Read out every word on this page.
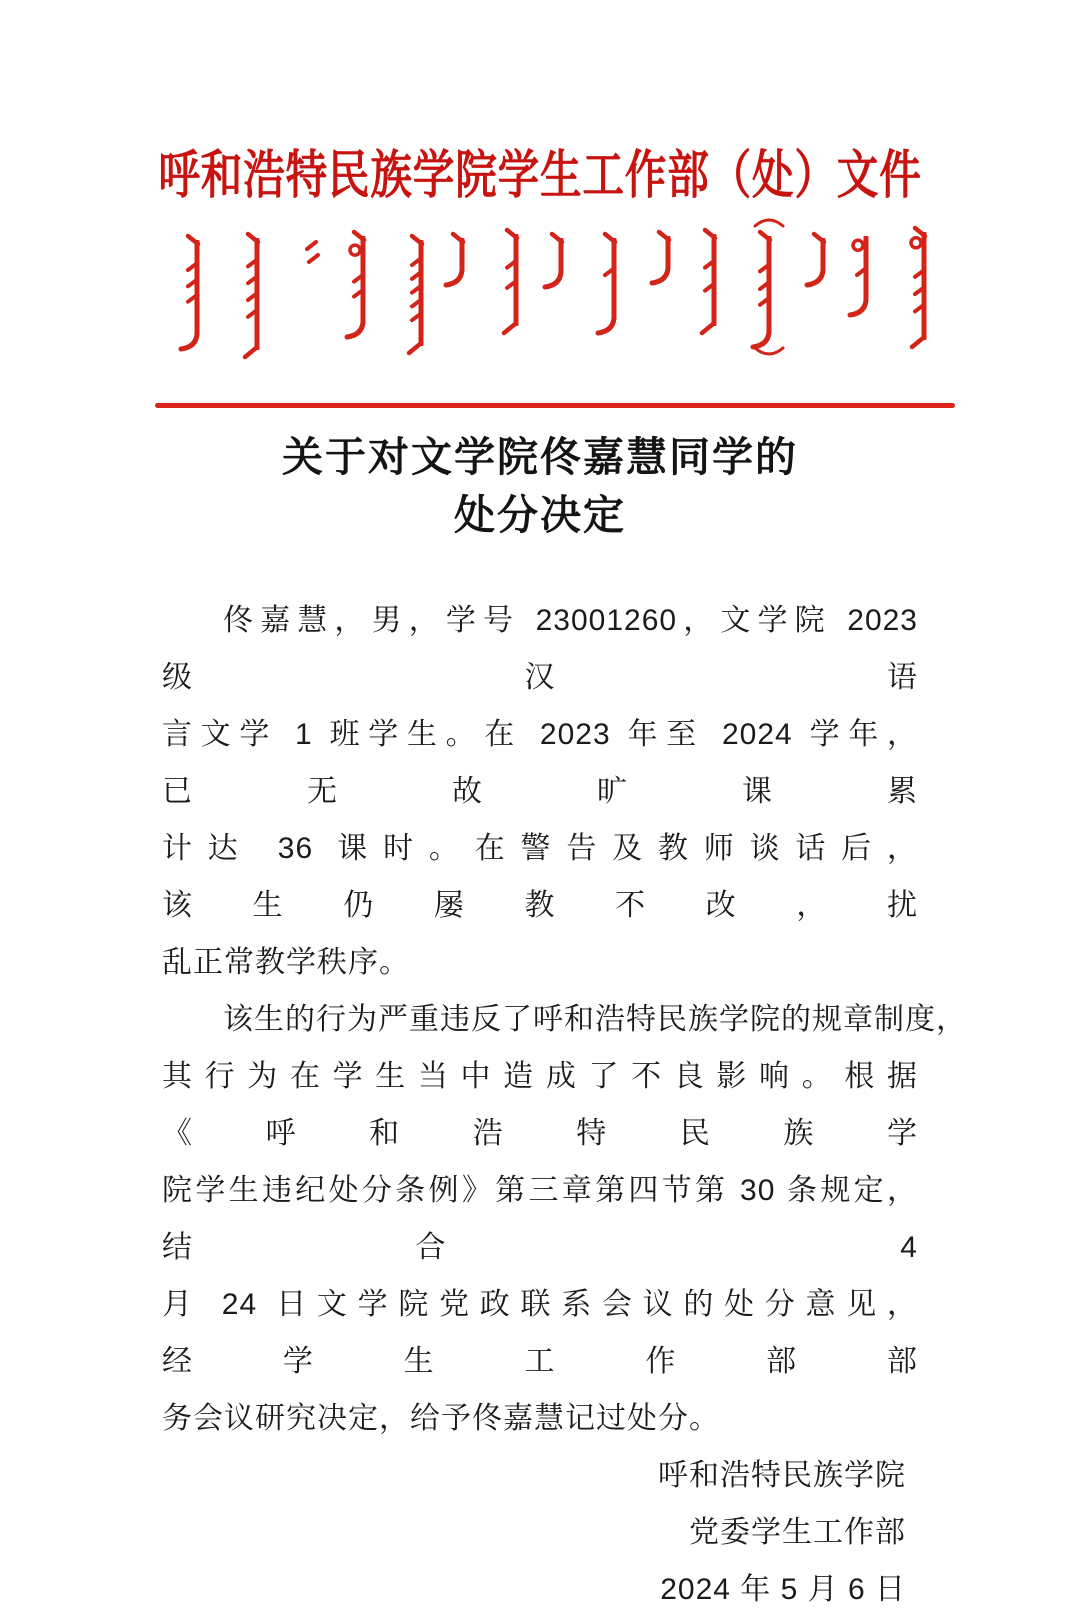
呼和浩特民族学院学生工作部（处）文件
关于对文学院佟嘉慧同学的
处分决定
佟嘉慧，男，学号 23001260，文学院 2023 级汉语
言文学 1 班学生。在 2023 年至 2024 学年，已无故旷课累
计达 36 课时。在警告及教师谈话后，该生仍屡教不改，扰
乱正常教学秩序。
该生的行为严重违反了呼和浩特民族学院的规章制度，
其行为在学生当中造成了不良影响。根据《呼和浩特民族学
院学生违纪处分条例》第三章第四节第 30 条规定，结合 4
月 24 日文学院党政联系会议的处分意见，经学生工作部部
务会议研究决定，给予佟嘉慧记过处分。
呼和浩特民族学院
党委学生工作部
2024 年 5 月 6 日
